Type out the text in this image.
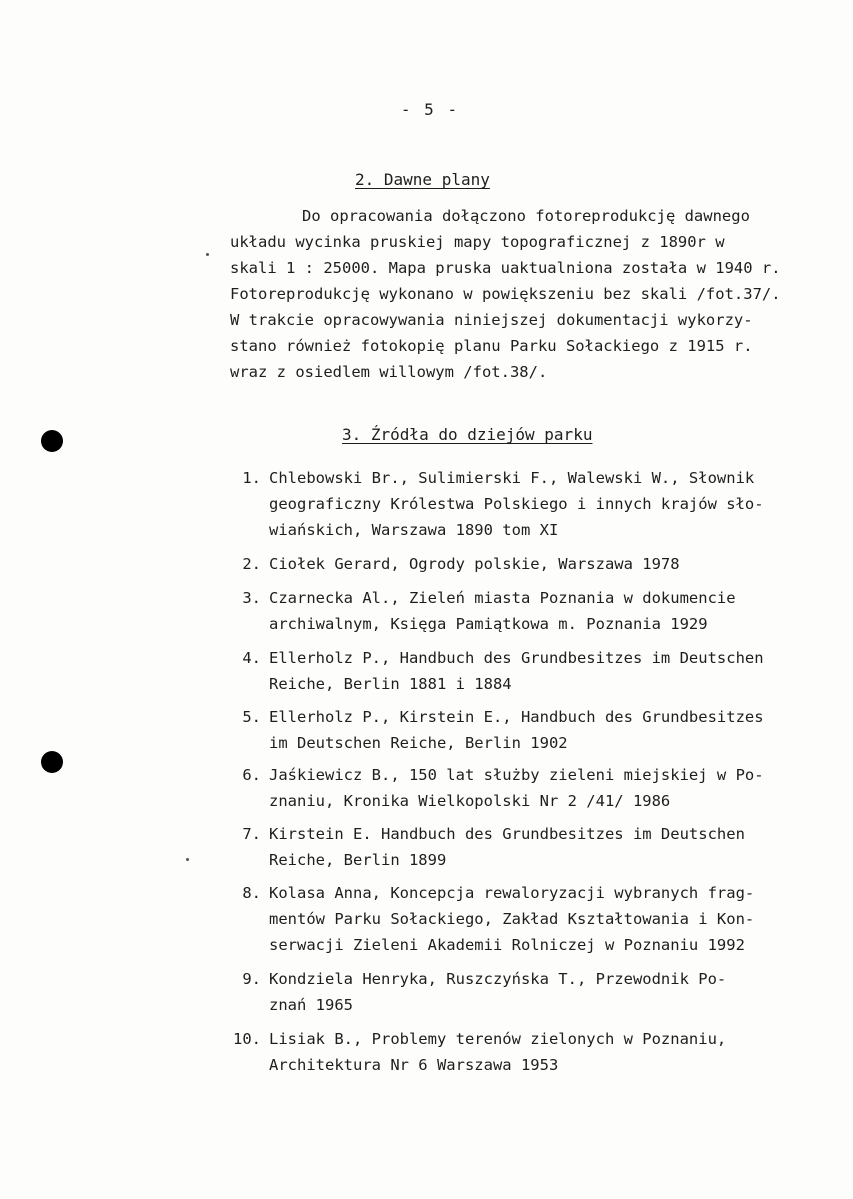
- 5 -
2. Dawne plany
Do opracowania dołączono fotoreprodukcję dawnego
układu wycinka pruskiej mapy topograficznej z 1890r w
skali 1 : 25000. Mapa pruska uaktualniona została w 1940 r.
Fotoreprodukcję wykonano w powiększeniu bez skali /fot.37/.
W trakcie opracowywania niniejszej dokumentacji wykorzy-
stano również fotokopię planu Parku Sołackiego z 1915 r.
wraz z osiedlem willowym /fot.38/.
3. Źródła do dziejów parku
1. Chlebowski Br., Sulimierski F., Walewski W., Słownik
geograficzny Królestwa Polskiego i innych krajów sło-
wiańskich, Warszawa 1890 tom XI
2. Ciołek Gerard, Ogrody polskie, Warszawa 1978
3. Czarnecka Al., Zieleń miasta Poznania w dokumencie
archiwalnym, Księga Pamiątkowa m. Poznania 1929
4. Ellerholz P., Handbuch des Grundbesitzes im Deutschen
Reiche, Berlin 1881 i 1884
5. Ellerholz P., Kirstein E., Handbuch des Grundbesitzes
im Deutschen Reiche, Berlin 1902
6. Jaśkiewicz B., 150 lat służby zieleni miejskiej w Po-
znaniu, Kronika Wielkopolski Nr 2 /41/ 1986
7. Kirstein E. Handbuch des Grundbesitzes im Deutschen
Reiche, Berlin 1899
8. Kolasa Anna, Koncepcja rewaloryzacji wybranych frag-
mentów Parku Sołackiego, Zakład Kształtowania i Kon-
serwacji Zieleni Akademii Rolniczej w Poznaniu 1992
9. Kondziela Henryka, Ruszczyńska T., Przewodnik Po-
znań 1965
10. Lisiak B., Problemy terenów zielonych w Poznaniu,
Architektura Nr 6 Warszawa 1953
